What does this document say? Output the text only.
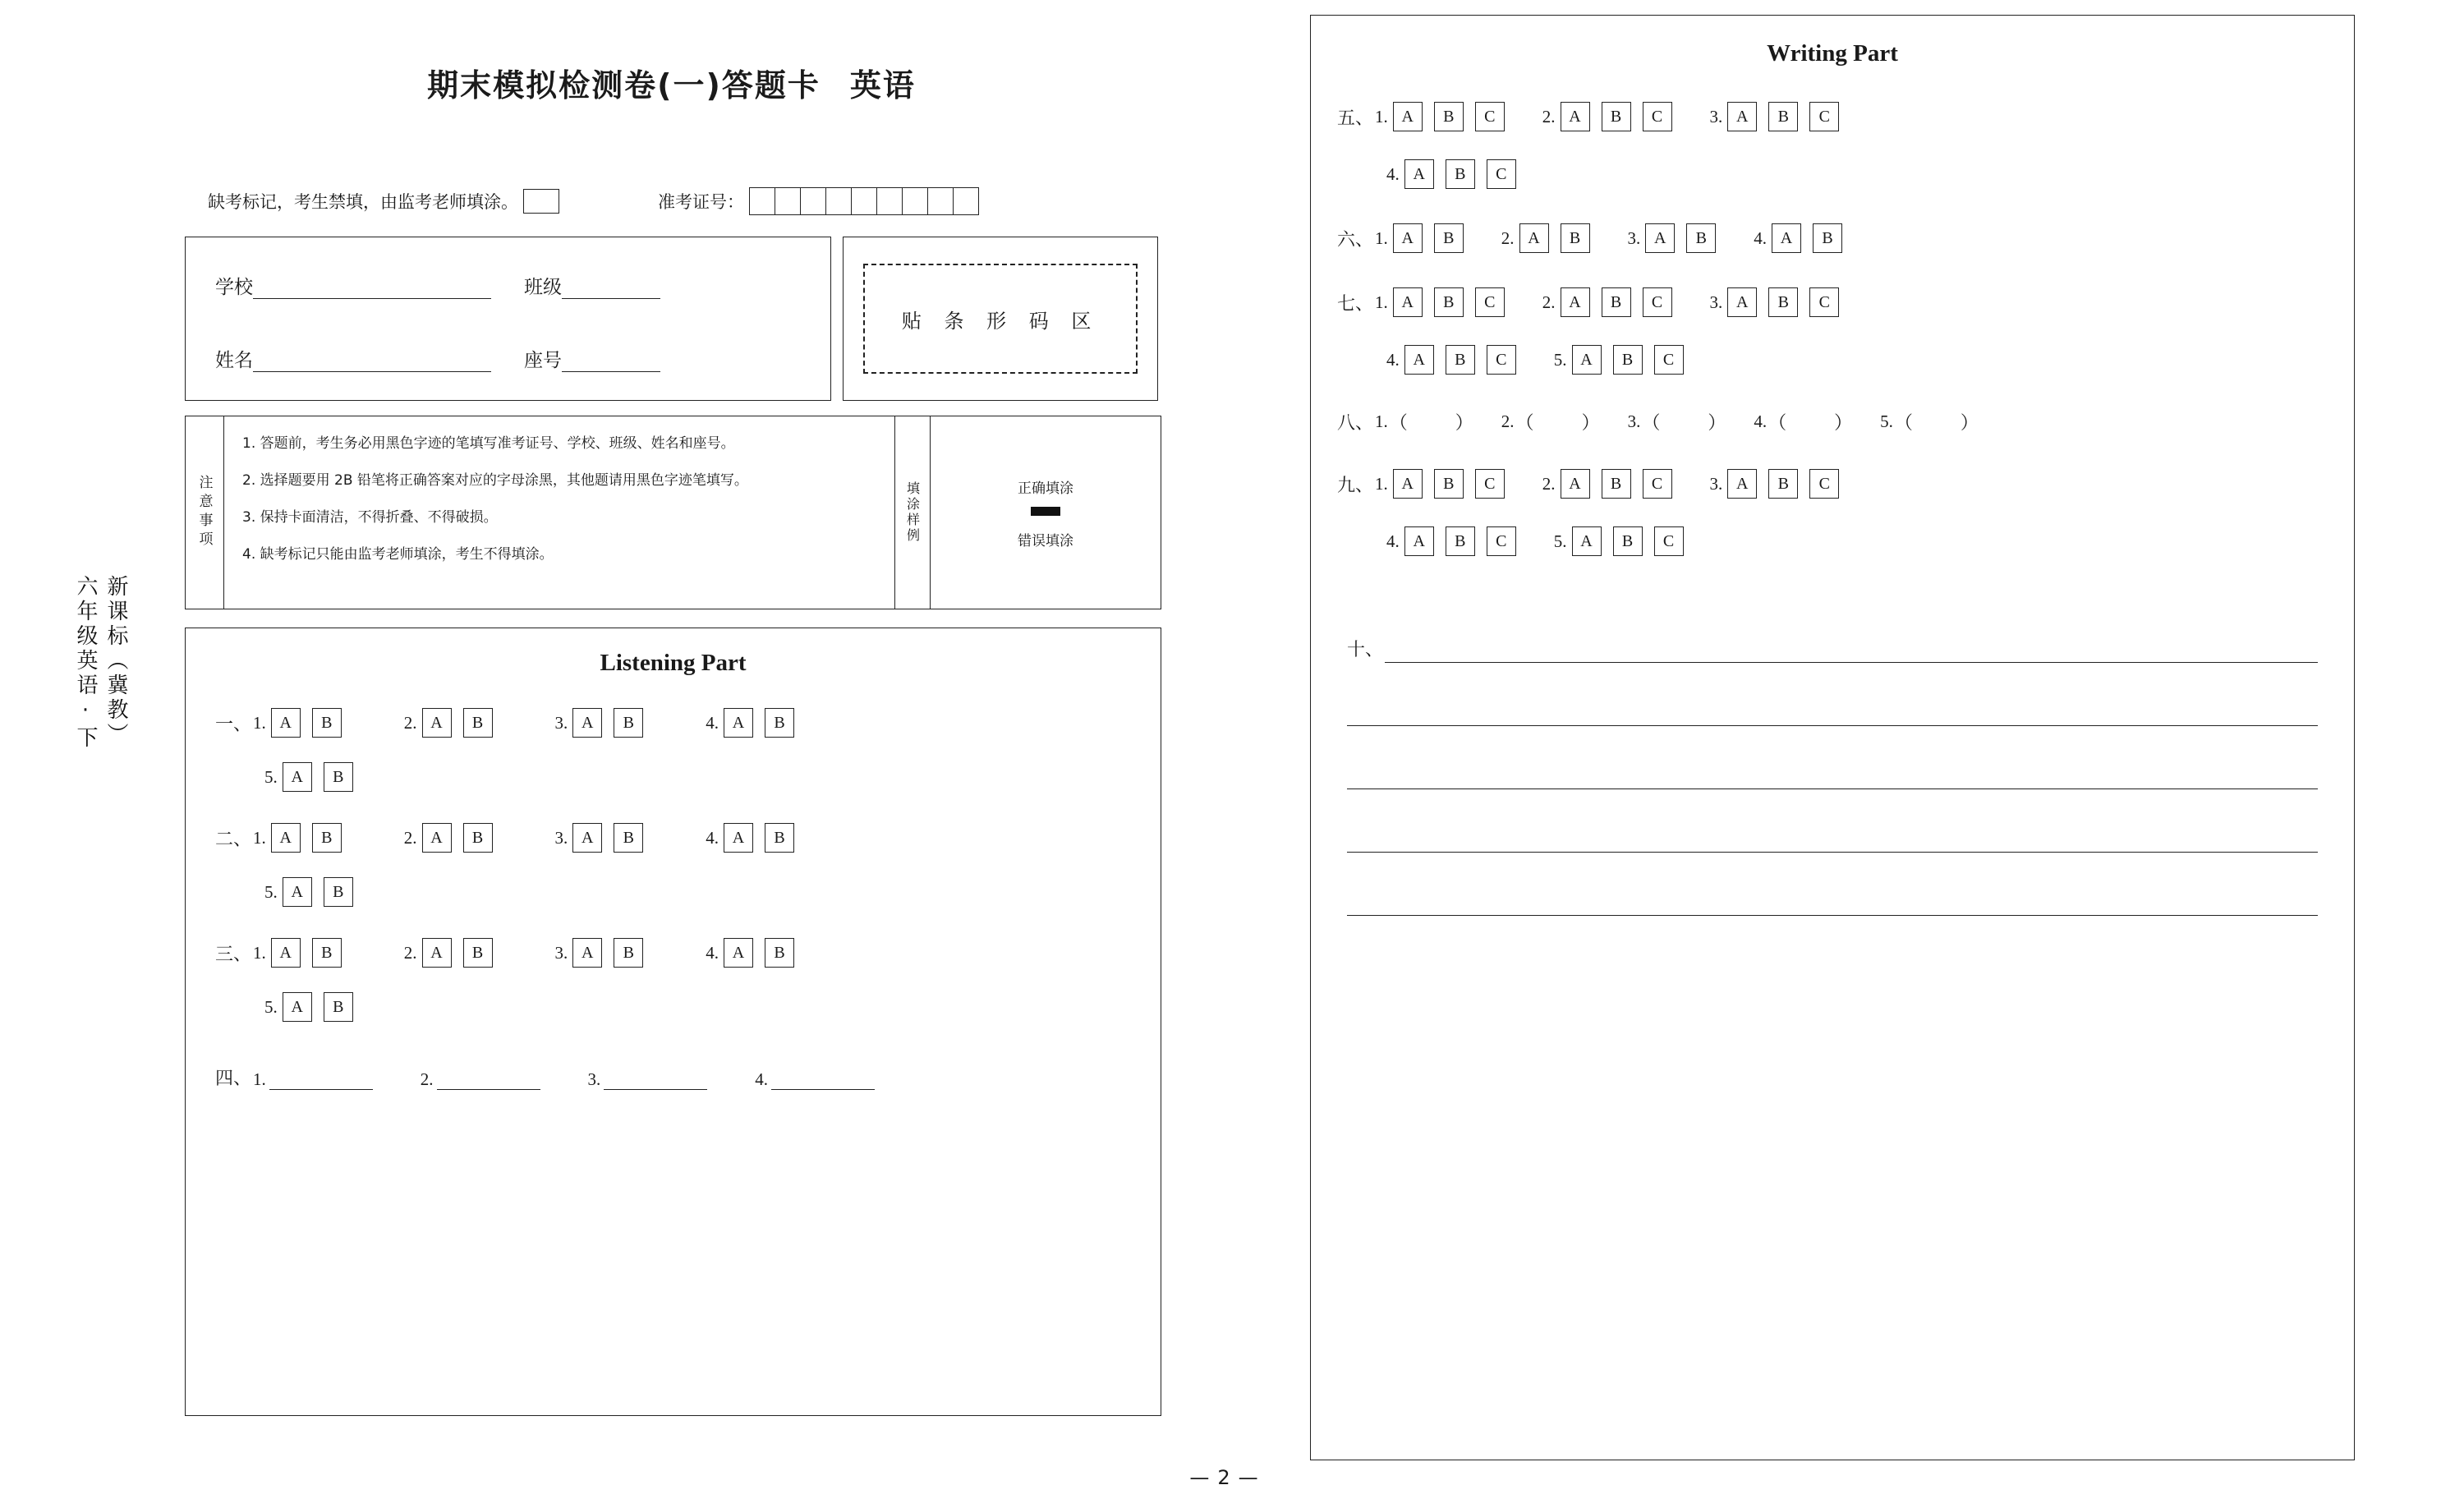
新课标（冀教）
六年级英语·下
期末模拟检测卷(一)答题卡 英语
缺考标记，考生禁填，由监考老师填涂。	准考证号：
学校	班级
姓名	座号
贴 条 形 码 区
注意事项

1. 答题前，考生务必用黑色字迹的笔填写准考证号、学校、班级、姓名和座号。

2. 选择题要用 2B 铅笔将正确答案对应的字母涂黑，其他题请用黑色字迹笔填写。

3. 保持卡面清洁，不得折叠、不得破损。

4. 缺考标记只能由监考老师填涂，考生不得填涂。

填涂样例	正确填涂
错误填涂
Listening Part
一、 1. A	B	2. A	B	3. A	B	4. A	B
5. A	B
二、 1. A	B	2. A	B	3. A	B	4. A	B
5. A	B
三、 1. A	B	2. A	B	3. A	B	4. A	B
5. A	B
四、 1.	2.	3.	4.
Writing Part
五、 1. A	B	C	2. A	B	C	3. A	B	C
4. A	B	C
六、 1. A	B	2. A	B	3. A	B	4. A	B
七、 1. A	B	C	2. A	B	C	3. A	B	C
4. A	B	C	5. A	B	C
八、 1. （	） 2. （	） 3. （	） 4. （	） 5. （	）
九、 1. A	B	C	2. A	B	C	3. A	B	C
4. A	B	C	5. A	B	C
十、
— 2 —
